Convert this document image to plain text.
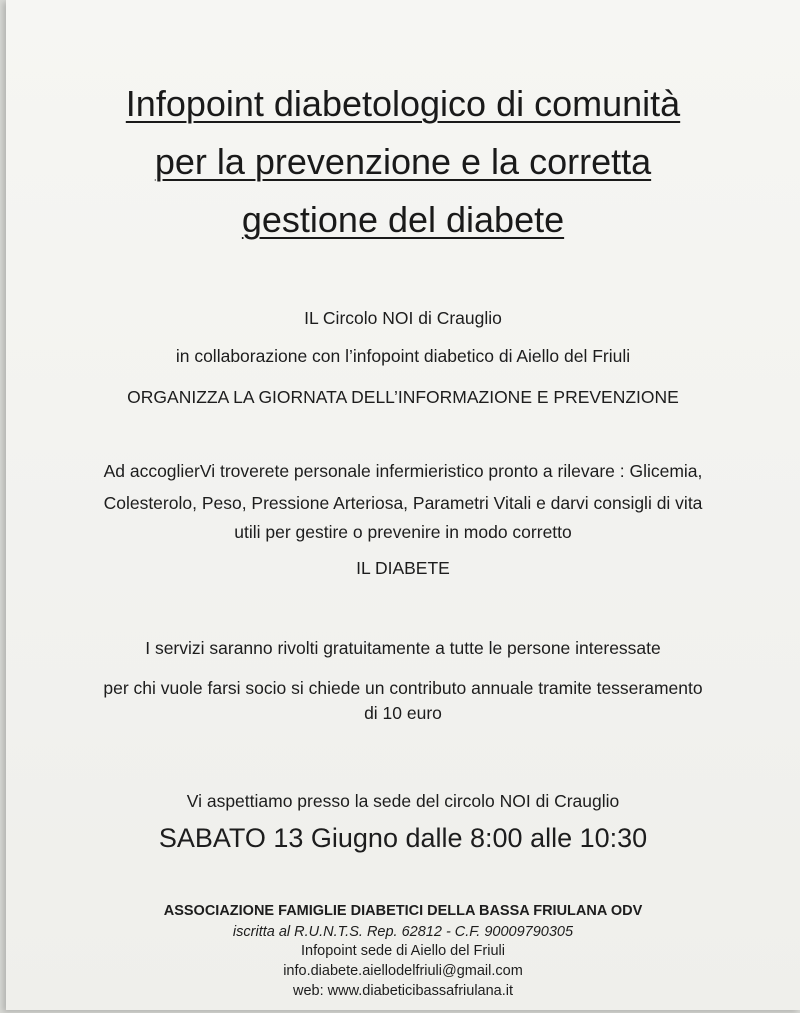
Infopoint diabetologico di comunità
per la prevenzione e la corretta
gestione del diabete
IL Circolo NOI di Crauglio
in collaborazione con l’infopoint diabetico di Aiello del Friuli
ORGANIZZA LA GIORNATA DELL’INFORMAZIONE E PREVENZIONE
Ad accoglierVi troverete personale infermieristico pronto a rilevare : Glicemia,
Colesterolo, Peso, Pressione Arteriosa, Parametri Vitali e darvi consigli di vita
utili per gestire o prevenire in modo corretto
IL DIABETE
I servizi saranno rivolti gratuitamente a tutte le persone interessate
per chi vuole farsi socio si chiede un contributo annuale tramite tesseramento
di 10 euro
Vi aspettiamo presso la sede del circolo NOI di Crauglio
SABATO 13 Giugno dalle 8:00 alle 10:30
ASSOCIAZIONE FAMIGLIE DIABETICI DELLA BASSA FRIULANA ODV
iscritta al R.U.N.T.S. Rep. 62812 - C.F. 90009790305
Infopoint sede di Aiello del Friuli
info.diabete.aiellodelfriuli@gmail.com
web: www.diabeticibassafriulana.it
